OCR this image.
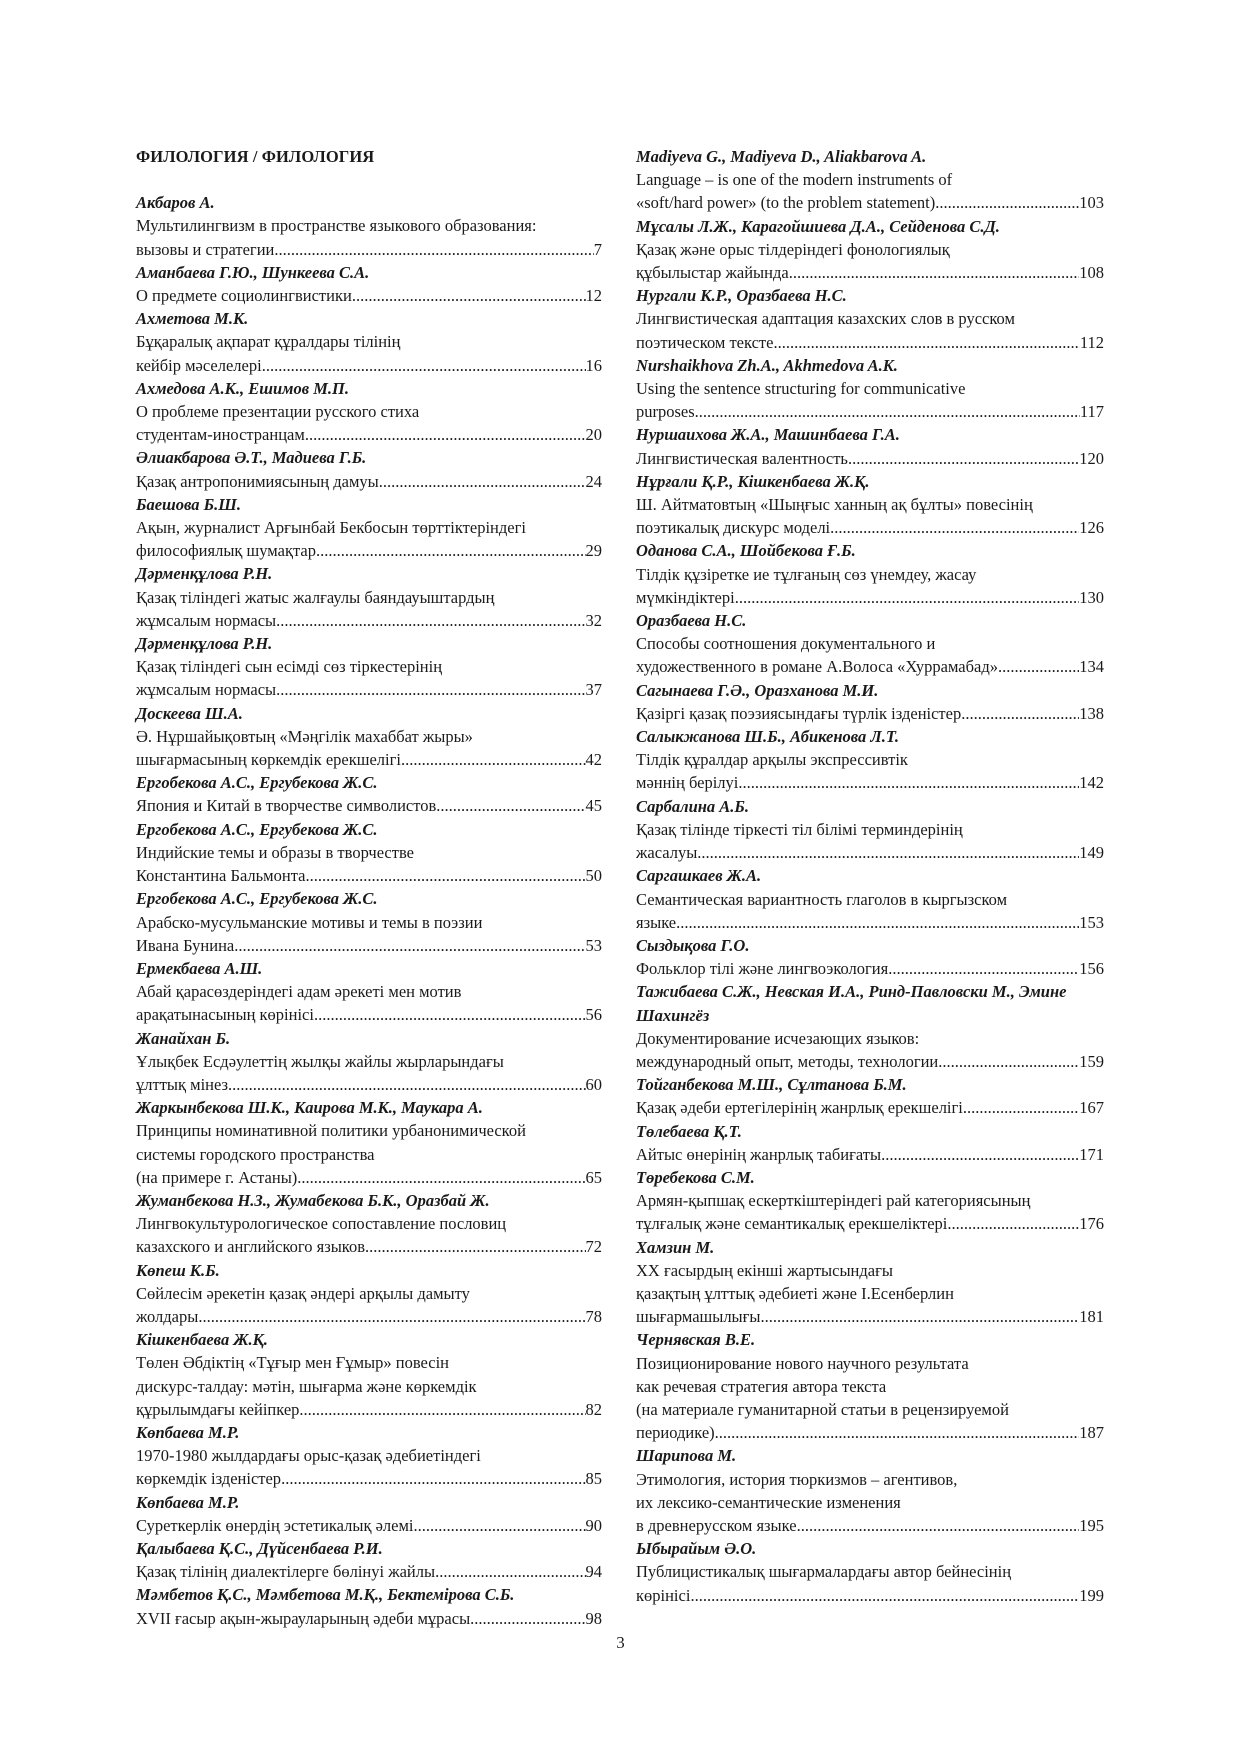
ФИЛОЛОГИЯ / ФИЛОЛОГИЯ
Акбаров А.
Мультилингвизм в пространстве языкового образования:
вызовы и стратегии .....	7
Аманбаева Г.Ю., Шункеева С.А.
О предмете социолингвистики .....	12
Ахметова М.К.
Бұқаралық ақпарат құралдары тілінің
кейбір мәселелері .....	16
Ахмедова А.К., Ешимов М.П.
О проблеме презентации русского стиха
студентам-иностранцам .....	20
Әлиакбарова Ә.Т., Мадиева Г.Б.
Қазақ антропонимиясының дамуы .....	24
Баешова Б.Ш.
Ақын, журналист Арғынбай Бекбосын төрттіктеріндегі
философиялық шумақтар .....	29
Дәрменқұлова Р.Н.
Қазақ тіліндегі жатыс жалғаулы баяндауыштардың
жұмсалым нормасы .....	32
Дәрменқұлова Р.Н.
Қазақ тіліндегі сын есімді сөз тіркестерінің
жұмсалым нормасы .....	37
Доскеева Ш.А.
Ә. Нұршайықовтың «Мәңгілік махаббат жыры»
шығармасының көркемдік ерекшелігі .....	42
Ергобекова А.С., Ергубекова Ж.С.
Япония и Китай в творчестве символистов .....	45
Ергобекова А.С., Ергубекова Ж.С.
Индийские темы и образы в творчестве
Константина Бальмонта .....	50
Ергобекова А.С., Ергубекова Ж.С.
Арабско-мусульманские мотивы и темы в поэзии
Ивана Бунина .....	53
Ермекбаева А.Ш.
Абай қарасөздеріндегі адам әрекеті мен мотив
арақатынасының көрінісі .....	56
Жанайхан Б.
Ұлықбек Есдәулеттің жылқы жайлы жырларындағы
ұлттық мінез .....	60
Жаркынбекова Ш.К., Каирова М.К., Маукара А.
Принципы номинативной политики урбанонимической
системы городского пространства
(на примере г. Астаны) .....	65
Жуманбекова Н.З., Жумабекова Б.К., Оразбай Ж.
Лингвокультурологическое сопоставление пословиц
казахского и английского языков .....	72
Көпеш К.Б.
Сөйлесім әрекетін қазақ әндері арқылы дамыту
жолдары .....	78
Кішкенбаева Ж.Қ.
Төлен Әбдіктің «Тұғыр мен Ғұмыр» повесін
дискурс-талдау: мәтін, шығарма және көркемдік
құрылымдағы кейіпкер .....	82
Көпбаева М.Р.
1970-1980 жылдардағы орыс-қазақ әдебиетіндегі
көркемдік ізденістер .....	85
Көпбаева М.Р.
Суреткерлік өнердің эстетикалық әлемі .....	90
Қалыбаева Қ.С., Дүйсенбаева Р.И.
Қазақ тілінің диалектілерге бөлінуі жайлы .....	94
Мәмбетов Қ.С., Мәмбетова М.Қ., Бектемірова С.Б.
XVII ғасыр ақын-жырауларының әдеби мұрасы .....	98
Madiyeva G., Madiyeva D., Aliakbarova A.
Language – is one of the modern instruments of
«soft/hard power» (to the problem statement) .....	103
Мұсалы Л.Ж., Карагойшиева Д.А., Сейденова С.Д.
Қазақ және орыс тілдеріндегі фонологиялық
құбылыстар жайында .....	108
Нургали К.Р., Оразбаева Н.С.
Лингвистическая адаптация казахских слов в русском
поэтическом тексте .....	112
Nurshaikhova Zh.A., Akhmedova A.K.
Using the sentence structuring for communicative
purposes .....	117
Нуршаихова Ж.А., Машинбаева Г.А.
Лингвистическая валентность .....	120
Нұрғали Қ.Р., Кішкенбаева Ж.Қ.
Ш. Айтматовтың «Шыңғыс ханның ақ бұлты» повесінің
поэтикалық дискурс моделі .....	126
Оданова С.А., Шойбекова Ғ.Б.
Тілдік құзіретке ие тұлғаның сөз үнемдеу, жасау
мүмкіндіктері .....	130
Оразбаева Н.С.
Способы соотношения документального и
художественного в романе А.Волоса «Хуррамабад» .....	134
Сагынаева Г.Ә., Оразханова М.И.
Қазіргі қазақ поэзиясындағы түрлік ізденістер .....	138
Салыкжанова Ш.Б., Абикенова Л.Т.
Тілдік құралдар арқылы экспрессивтік
мәннің берілуі .....	142
Сарбалина А.Б.
Қазақ тілінде тіркесті тіл білімі терминдерінің
жасалуы .....	149
Саргашкаев Ж.А.
Семантическая вариантность глаголов в кыргызском
языке .....	153
Сыздықова Г.О.
Фольклор тілі және лингвоэкология .....	156
Тажибаева С.Ж., Невская И.А., Ринд-Павловски М., Эмине Шахингёз
Документирование исчезающих языков:
международный опыт, методы, технологии .....	159
Тойганбекова М.Ш., Сұлтанова Б.М.
Қазақ әдеби ертегілерінің жанрлық ерекшелігі .....	167
Төлебаева Қ.Т.
Айтыс өнерінің жанрлық табиғаты .....	171
Төребекова С.М.
Армян-қыпшақ ескерткіштеріндегі рай категориясының
тұлғалық және семантикалық ерекшеліктері .....	176
Хамзин М.
XX ғасырдың екінші жартысындағы
қазақтың ұлттық әдебиеті және І.Есенберлин
шығармашылығы .....	181
Чернявская В.Е.
Позиционирование нового научного результата
как речевая стратегия автора текста
(на материале гуманитарной статьи в рецензируемой
периодике) .....	187
Шарипова М.
Этимология, история тюркизмов – агентивов,
их лексико-семантические изменения
в древнерусском языке .....	195
Ыбырайым Ә.О.
Публицистикалық шығармалардағы автор бейнесінің
көрінісі .....	199
3
